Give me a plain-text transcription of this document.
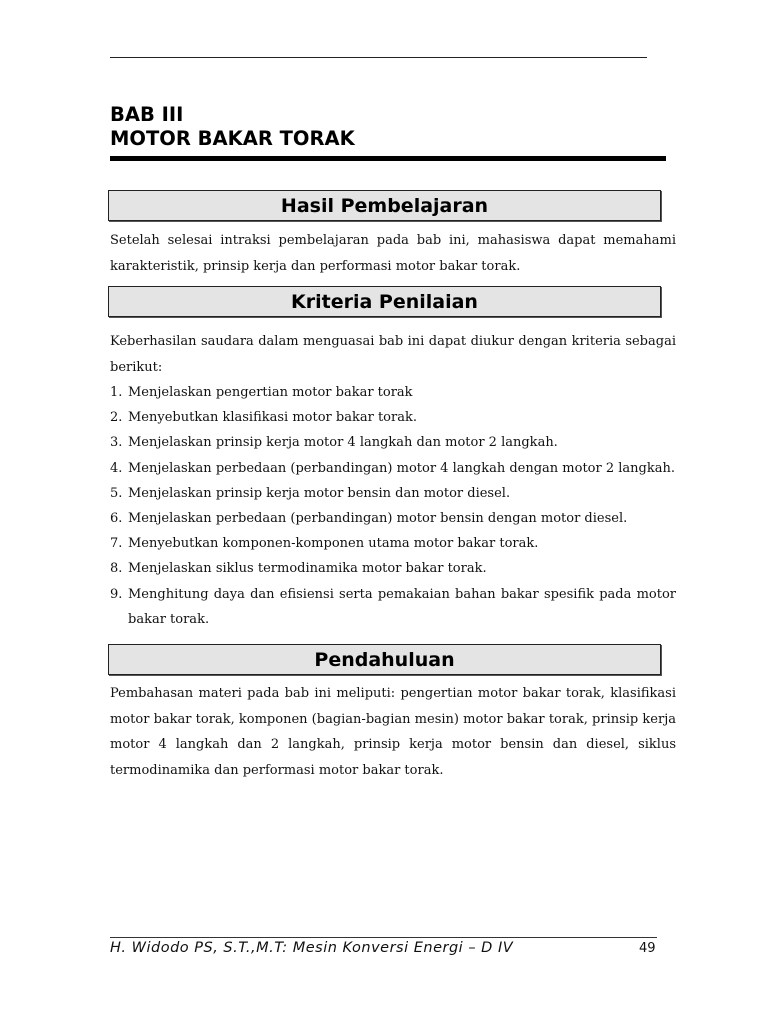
BAB III
MOTOR BAKAR TORAK
Hasil Pembelajaran

Setelah selesai intraksi pembelajaran pada bab ini, mahasiswa dapat memahami karakteristik, prinsip kerja dan performasi motor bakar torak.

Kriteria Penilaian

Keberhasilan saudara dalam menguasai bab ini dapat diukur dengan kriteria sebagai berikut:

1. Menjelaskan pengertian motor bakar torak
2. Menyebutkan klasifikasi motor bakar torak.
3. Menjelaskan prinsip kerja motor 4 langkah dan motor 2 langkah.
4. Menjelaskan perbedaan (perbandingan) motor 4 langkah dengan motor 2 langkah.
5. Menjelaskan prinsip kerja motor bensin dan motor diesel.
6. Menjelaskan perbedaan (perbandingan) motor bensin dengan motor diesel.
7. Menyebutkan komponen-komponen utama motor bakar torak.
8. Menjelaskan siklus termodinamika motor bakar torak.
9. Menghitung daya dan efisiensi serta pemakaian bahan bakar spesifik pada motor bakar torak.
Pendahuluan

Pembahasan materi pada bab ini meliputi: pengertian motor bakar torak, klasifikasi motor bakar torak, komponen (bagian-bagian mesin) motor bakar torak, prinsip kerja motor 4 langkah dan 2 langkah, prinsip kerja motor bensin dan diesel, siklus termodinamika dan performasi motor bakar torak.

H. Widodo PS, S.T.,M.T: Mesin Konversi Energi – D IV	49
